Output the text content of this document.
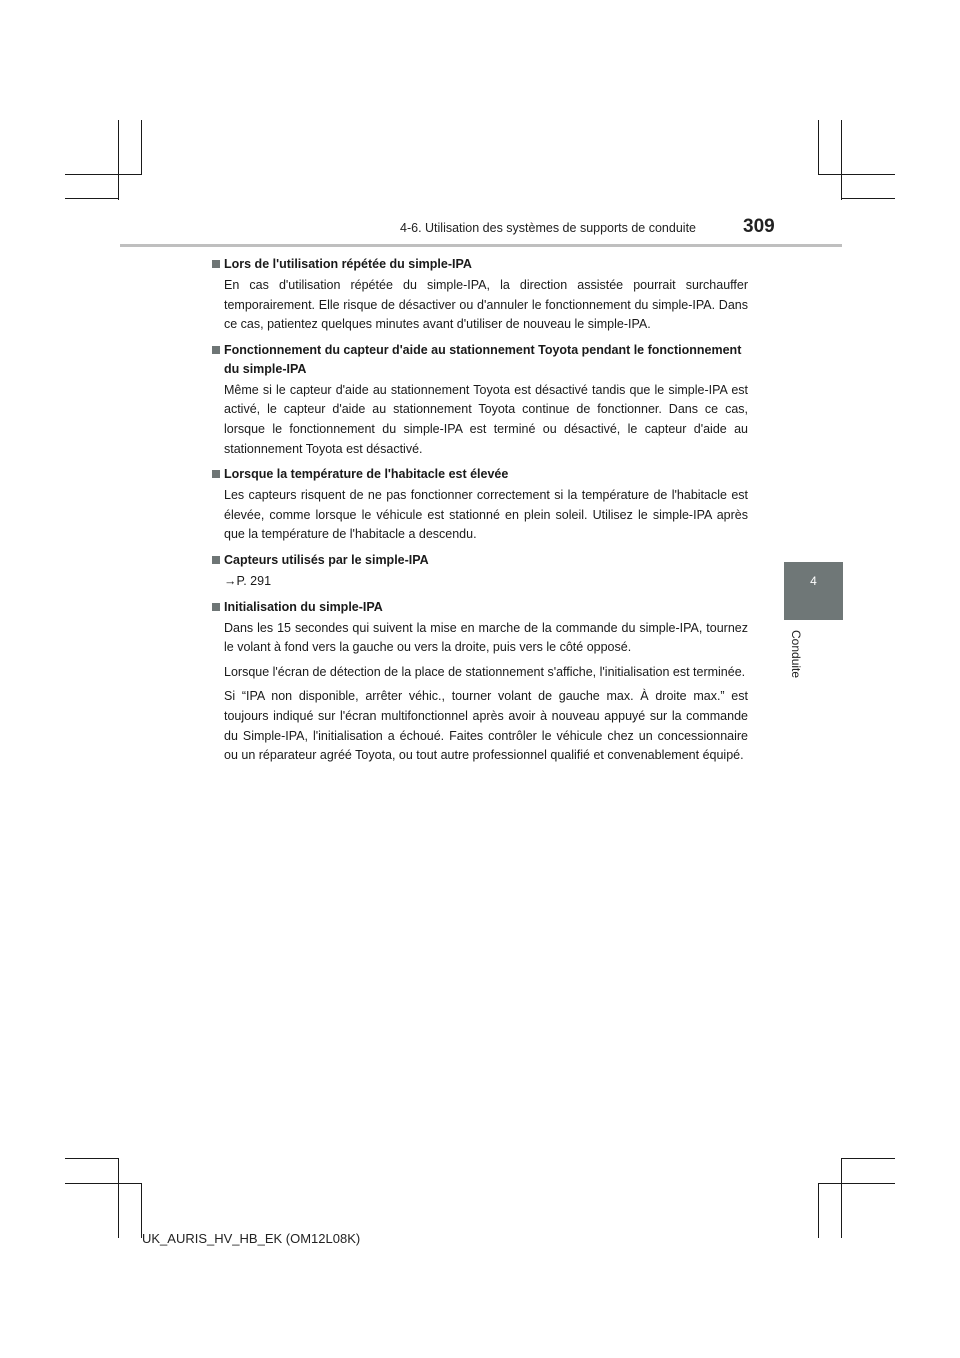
4-6. Utilisation des systèmes de supports de conduite 309
4
Conduite
Lors de l'utilisation répétée du simple-IPA
En cas d'utilisation répétée du simple-IPA, la direction assistée pourrait surchauffer temporairement. Elle risque de désactiver ou d'annuler le fonctionnement du simple-IPA. Dans ce cas, patientez quelques minutes avant d'utiliser de nouveau le simple-IPA.
Fonctionnement du capteur d'aide au stationnement Toyota pendant le fonctionnement du simple-IPA
Même si le capteur d'aide au stationnement Toyota est désactivé tandis que le simple-IPA est activé, le capteur d'aide au stationnement Toyota continue de fonctionner. Dans ce cas, lorsque le fonctionnement du simple-IPA est terminé ou désactivé, le capteur d'aide au stationnement Toyota est désactivé.
Lorsque la température de l'habitacle est élevée
Les capteurs risquent de ne pas fonctionner correctement si la température de l'habitacle est élevée, comme lorsque le véhicule est stationné en plein soleil. Utilisez le simple-IPA après que la température de l'habitacle a descendu.
Capteurs utilisés par le simple-IPA
→P. 291
Initialisation du simple-IPA
Dans les 15 secondes qui suivent la mise en marche de la commande du simple-IPA, tournez le volant à fond vers la gauche ou vers la droite, puis vers le côté opposé.
Lorsque l'écran de détection de la place de stationnement s'affiche, l'initialisation est terminée.
Si “IPA non disponible, arrêter véhic., tourner volant de gauche max. À droite max.” est toujours indiqué sur l'écran multifonctionnel après avoir à nouveau appuyé sur la commande du Simple-IPA, l'initialisation a échoué. Faites contrôler le véhicule chez un concessionnaire ou un réparateur agréé Toyota, ou tout autre professionnel qualifié et convenablement équipé.
UK_AURIS_HV_HB_EK (OM12L08K)
